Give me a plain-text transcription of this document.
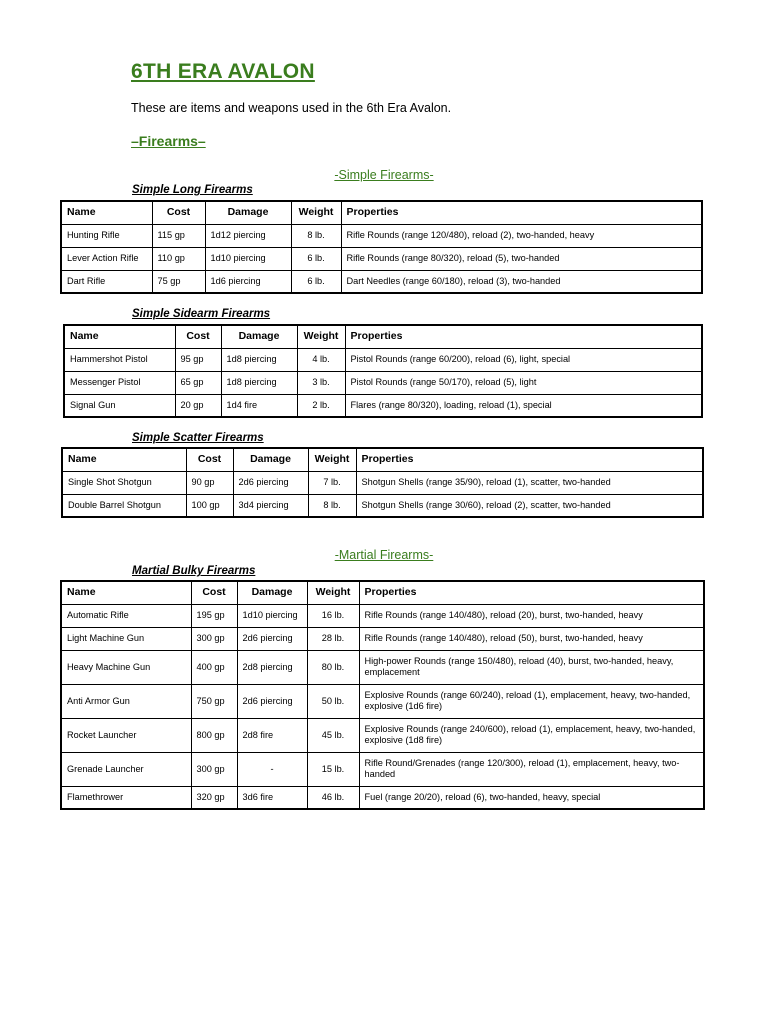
6TH ERA AVALON
These are items and weapons used in the 6th Era Avalon.
–Firearms–
-Simple Firearms-
Simple Long Firearms
Name	Cost	Damage	Weight	Properties
Hunting Rifle	115 gp	1d12 piercing	8 lb.	Rifle Rounds (range 120/480), reload (2), two-handed, heavy
Lever Action Rifle	110 gp	1d10 piercing	6 lb.	Rifle Rounds (range 80/320), reload (5), two-handed
Dart Rifle	75 gp	1d6 piercing	6 lb.	Dart Needles (range 60/180), reload (3), two-handed
Simple Sidearm Firearms
Name	Cost	Damage	Weight	Properties
Hammershot Pistol	95 gp	1d8 piercing	4 lb.	Pistol Rounds (range 60/200), reload (6), light, special
Messenger Pistol	65 gp	1d8 piercing	3 lb.	Pistol Rounds (range 50/170), reload (5), light
Signal Gun	20 gp	1d4 fire	2 lb.	Flares (range 80/320), loading, reload (1), special
Simple Scatter Firearms
Name	Cost	Damage	Weight	Properties
Single Shot Shotgun	90 gp	2d6 piercing	7 lb.	Shotgun Shells (range 35/90), reload (1), scatter, two-handed
Double Barrel Shotgun	100 gp	3d4 piercing	8 lb.	Shotgun Shells (range 30/60), reload (2), scatter, two-handed
-Martial Firearms-
Martial Bulky Firearms
Name	Cost	Damage	Weight	Properties
Automatic Rifle	195 gp	1d10 piercing	16 lb.	Rifle Rounds (range 140/480), reload (20), burst, two-handed, heavy
Light Machine Gun	300 gp	2d6 piercing	28 lb.	Rifle Rounds (range 140/480), reload (50), burst, two-handed, heavy
Heavy Machine Gun	400 gp	2d8 piercing	80 lb.	High-power Rounds (range 150/480), reload (40), burst, two-handed, heavy, emplacement
Anti Armor Gun	750 gp	2d6 piercing	50 lb.	Explosive Rounds (range 60/240), reload (1), emplacement, heavy, two-handed, explosive (1d6 fire)
Rocket Launcher	800 gp	2d8 fire	45 lb.	Explosive Rounds (range 240/600), reload (1), emplacement, heavy, two-handed, explosive (1d8 fire)
Grenade Launcher	300 gp	-	15 lb.	Rifle Round/Grenades (range 120/300), reload (1), emplacement, heavy, two-handed
Flamethrower	320 gp	3d6 fire	46 lb.	Fuel (range 20/20), reload (6), two-handed, heavy, special
